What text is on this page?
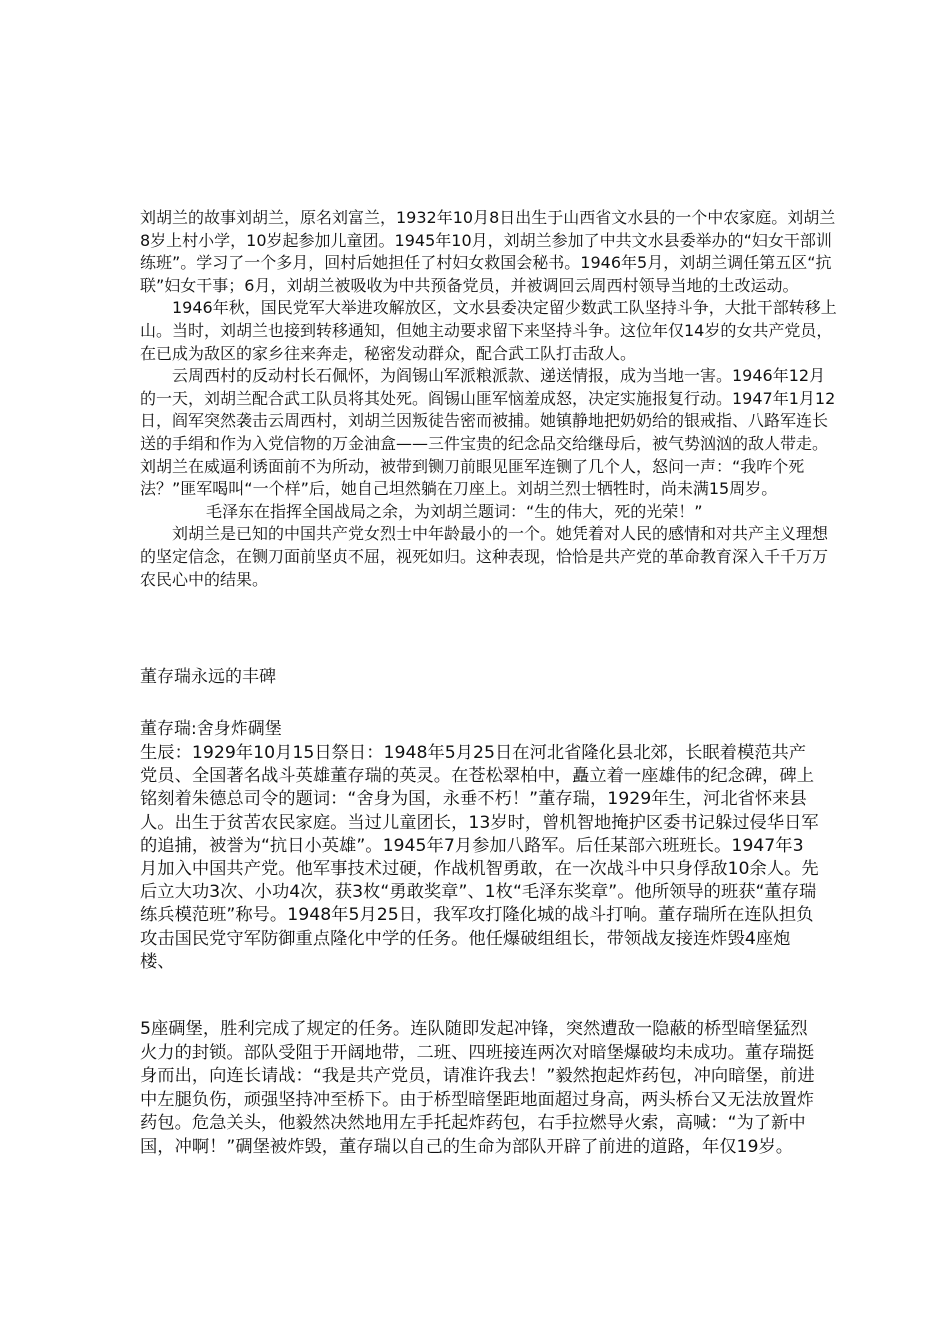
刘胡兰的故事刘胡兰，原名刘富兰，1932年10月8日出生于山西省文水县的一个中农家庭。刘胡兰8岁上村小学，10岁起参加儿童团。1945年10月，刘胡兰参加了中共文水县委举办的“妇女干部训练班”。学习了一个多月，回村后她担任了村妇女救国会秘书。1946年5月，刘胡兰调任第五区“抗联”妇女干事；6月，刘胡兰被吸收为中共预备党员，并被调回云周西村领导当地的土改运动。

1946年秋，国民党军大举进攻解放区，文水县委决定留少数武工队坚持斗争，大批干部转移上山。当时，刘胡兰也接到转移通知，但她主动要求留下来坚持斗争。这位年仅14岁的女共产党员，在已成为敌区的家乡往来奔走，秘密发动群众，配合武工队打击敌人。

云周西村的反动村长石佩怀，为阎锡山军派粮派款、递送情报，成为当地一害。1946年12月的一天，刘胡兰配合武工队员将其处死。阎锡山匪军恼羞成怒，决定实施报复行动。1947年1月12日，阎军突然袭击云周西村，刘胡兰因叛徒告密而被捕。她镇静地把奶奶给的银戒指、八路军连长送的手绢和作为入党信物的万金油盒——三件宝贵的纪念品交给继母后，被气势汹汹的敌人带走。刘胡兰在威逼利诱面前不为所动，被带到铡刀前眼见匪军连铡了几个人，怒问一声：“我咋个死法？”匪军喝叫“一个样”后，她自己坦然躺在刀座上。刘胡兰烈士牺牲时，尚未满15周岁。

毛泽东在指挥全国战局之余，为刘胡兰题词：“生的伟大，死的光荣！”

刘胡兰是已知的中国共产党女烈士中年龄最小的一个。她凭着对人民的感情和对共产主义理想的坚定信念，在铡刀面前坚贞不屈，视死如归。这种表现，恰恰是共产党的革命教育深入千千万万农民心中的结果。

董存瑞永远的丰碑
董存瑞:舍身炸碉堡

生辰：1929年10月15日祭日：1948年5月25日在河北省隆化县北郊，长眠着模范共产党员、全国著名战斗英雄董存瑞的英灵。在苍松翠柏中，矗立着一座雄伟的纪念碑，碑上铭刻着朱德总司令的题词：“舍身为国，永垂不朽！”董存瑞，1929年生，河北省怀来县人。出生于贫苦农民家庭。当过儿童团长，13岁时，曾机智地掩护区委书记躲过侵华日军的追捕，被誉为“抗日小英雄”。1945年7月参加八路军。后任某部六班班长。1947年3月加入中国共产党。他军事技术过硬，作战机智勇敢，在一次战斗中只身俘敌10余人。先后立大功3次、小功4次，获3枚“勇敢奖章”、1枚“毛泽东奖章”。他所领导的班获“董存瑞练兵模范班”称号。1948年5月25日，我军攻打隆化城的战斗打响。董存瑞所在连队担负攻击国民党守军防御重点隆化中学的任务。他任爆破组组长，带领战友接连炸毁4座炮楼、

5座碉堡，胜利完成了规定的任务。连队随即发起冲锋，突然遭敌一隐蔽的桥型暗堡猛烈火力的封锁。部队受阻于开阔地带，二班、四班接连两次对暗堡爆破均未成功。董存瑞挺身而出，向连长请战：“我是共产党员，请准许我去！”毅然抱起炸药包，冲向暗堡，前进中左腿负伤，顽强坚持冲至桥下。由于桥型暗堡距地面超过身高，两头桥台又无法放置炸药包。危急关头，他毅然决然地用左手托起炸药包，右手拉燃导火索，高喊：“为了新中国，冲啊！”碉堡被炸毁，董存瑞以自己的生命为部队开辟了前进的道路，年仅19岁。
